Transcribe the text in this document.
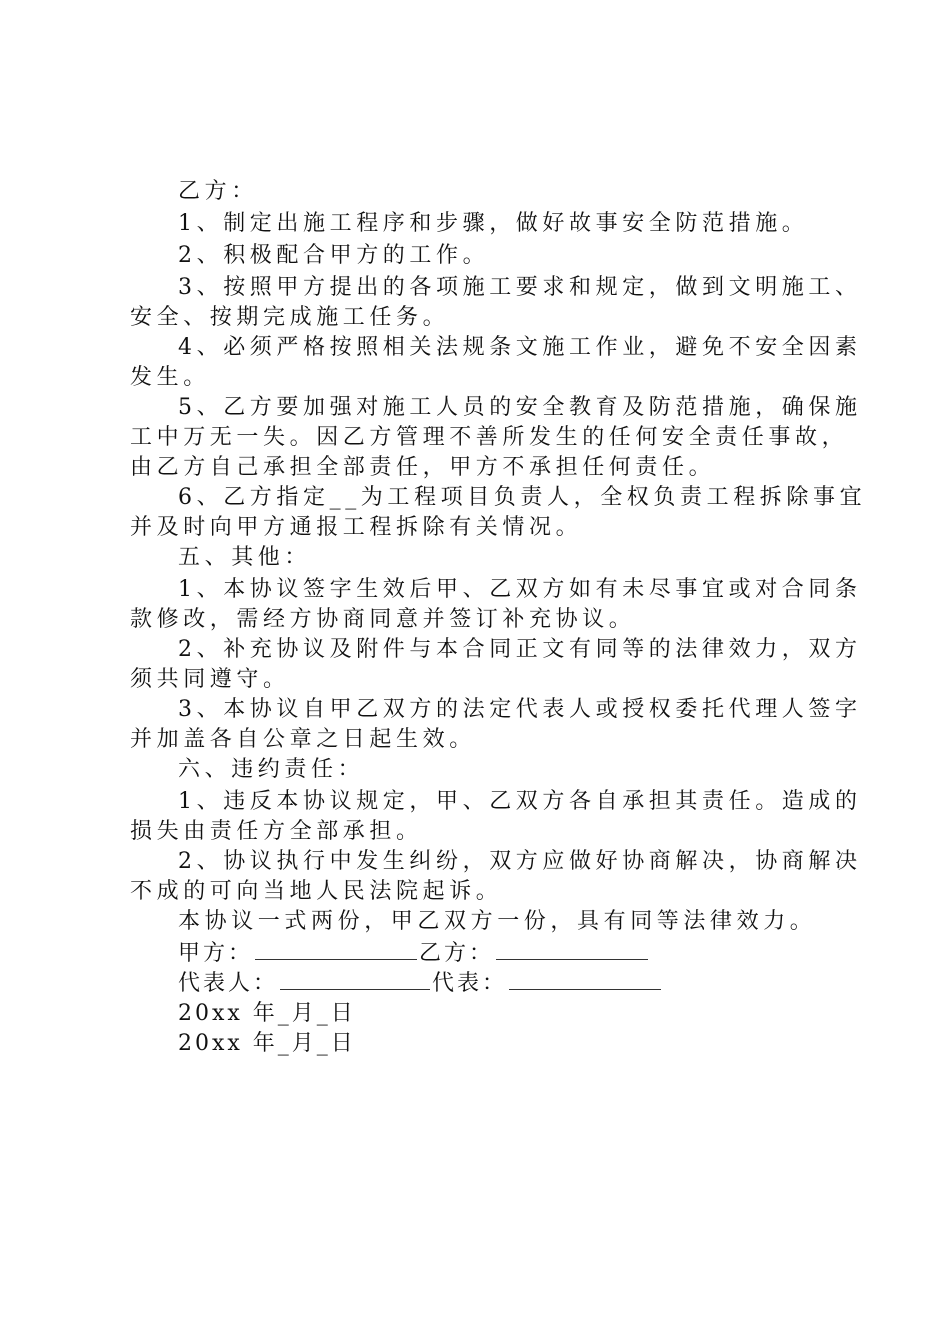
乙方：
1、制定出施工程序和步骤，做好故事安全防范措施。
2、积极配合甲方的工作。
3、按照甲方提出的各项施工要求和规定，做到文明施工、
安全、按期完成施工任务。
4、必须严格按照相关法规条文施工作业，避免不安全因素
发生。
5、乙方要加强对施工人员的安全教育及防范措施，确保施
工中万无一失。因乙方管理不善所发生的任何安全责任事故，
由乙方自己承担全部责任，甲方不承担任何责任。
6、乙方指定__为工程项目负责人，全权负责工程拆除事宜
并及时向甲方通报工程拆除有关情况。
五、其他：
1、本协议签字生效后甲、乙双方如有未尽事宜或对合同条
款修改，需经方协商同意并签订补充协议。
2、补充协议及附件与本合同正文有同等的法律效力，双方
须共同遵守。
3、本协议自甲乙双方的法定代表人或授权委托代理人签字
并加盖各自公章之日起生效。
六、违约责任：
1、违反本协议规定，甲、乙双方各自承担其责任。造成的
损失由责任方全部承担。
2、协议执行中发生纠纷，双方应做好协商解决，协商解决
不成的可向当地人民法院起诉。
本协议一式两份，甲乙双方一份，具有同等法律效力。
甲方：	乙方：
代表人：	代表：
20xx 年_月_日
20xx 年_月_日
